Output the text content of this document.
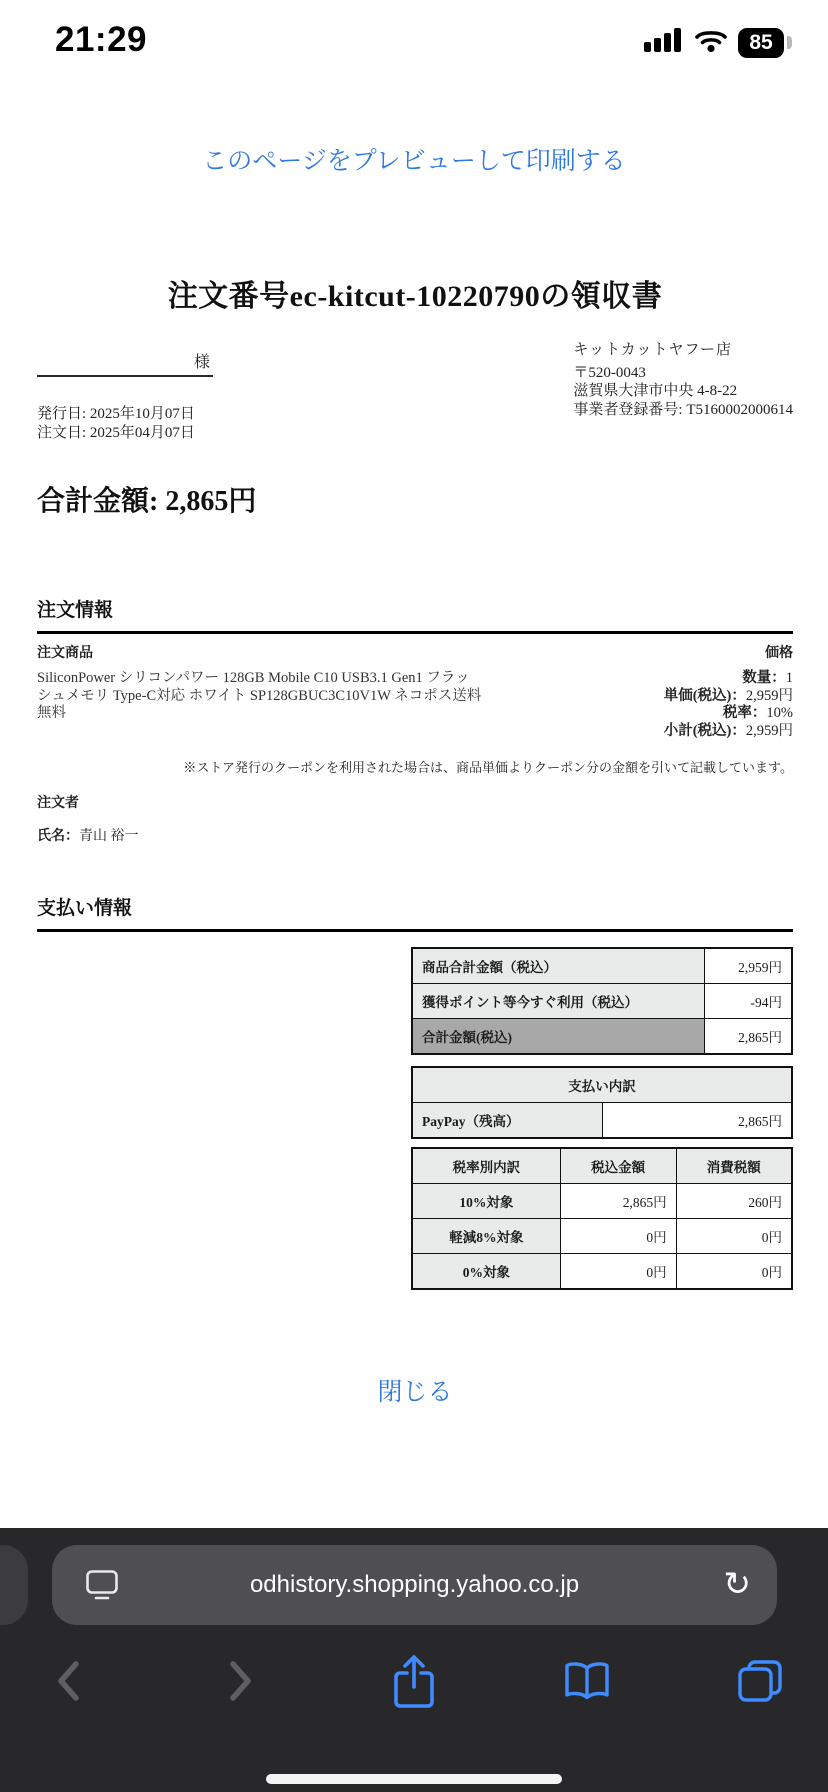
21:29	85
このページをプレビューして印刷する
注文番号ec-kitcut-10220790の領収書
キットカットヤフー店
〒520-0043
滋賀県大津市中央 4-8-22
事業者登録番号: T5160002000614
様
発行日: 2025年10月07日
注文日: 2025年04月07日
合計金額: 2,865円
注文情報
注文商品	価格
SiliconPower シリコンパワー 128GB Mobile C10 USB3.1 Gen1 フラッシュメモリ Type-C対応 ホワイト SP128GBUC3C10V1W ネコポス送料無料
数量：1
単価(税込)：2,959円
税率：10%
小計(税込)：2,959円
※ストア発行のクーポンを利用された場合は、商品単価よりクーポン分の金額を引いて記載しています。
注文者
氏名：青山 裕一
支払い情報
商品合計金額（税込）	2,959円
獲得ポイント等今すぐ利用（税込）	-94円
合計金額(税込)	2,865円
支払い内訳
PayPay（残高）	2,865円
税率別内訳	税込金額	消費税額
10%対象	2,865円	260円
軽減8%対象	0円	0円
0%対象	0円	0円
閉じる
odhistory.shopping.yahoo.co.jp	↻
